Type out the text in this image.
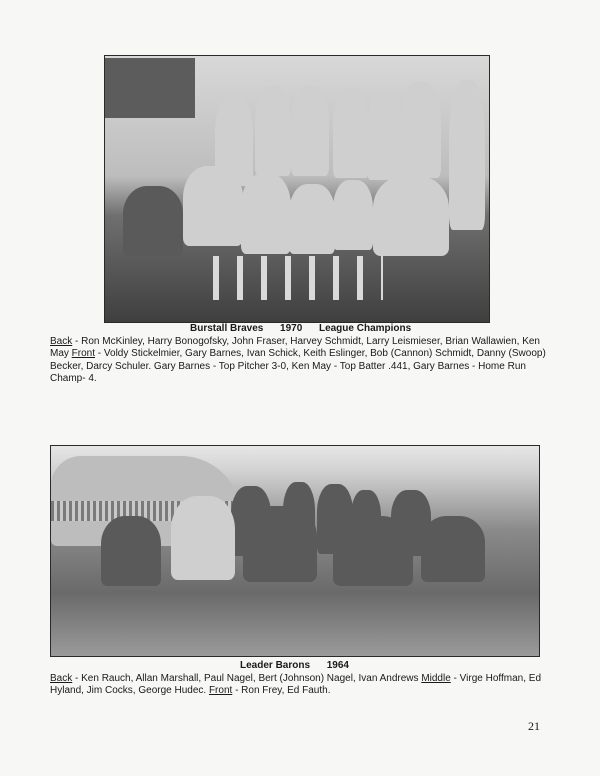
Burstall Braves      1970      League Champions
Back - Ron McKinley, Harry Bonogofsky, John Fraser, Harvey Schmidt, Larry Leismieser, Brian Wallawien, Ken May Front - Voldy Stickelmier, Gary Barnes, Ivan Schick, Keith Eslinger, Bob (Cannon) Schmidt, Danny (Swoop) Becker, Darcy Schuler. Gary Barnes - Top Pitcher 3-0, Ken May - Top Batter .441, Gary Barnes - Home Run Champ- 4.
Leader Barons      1964
Back - Ken Rauch, Allan Marshall, Paul Nagel, Bert (Johnson) Nagel, Ivan Andrews Middle - Virge Hoffman, Ed Hyland, Jim Cocks, George Hudec. Front - Ron Frey, Ed Fauth.
21
